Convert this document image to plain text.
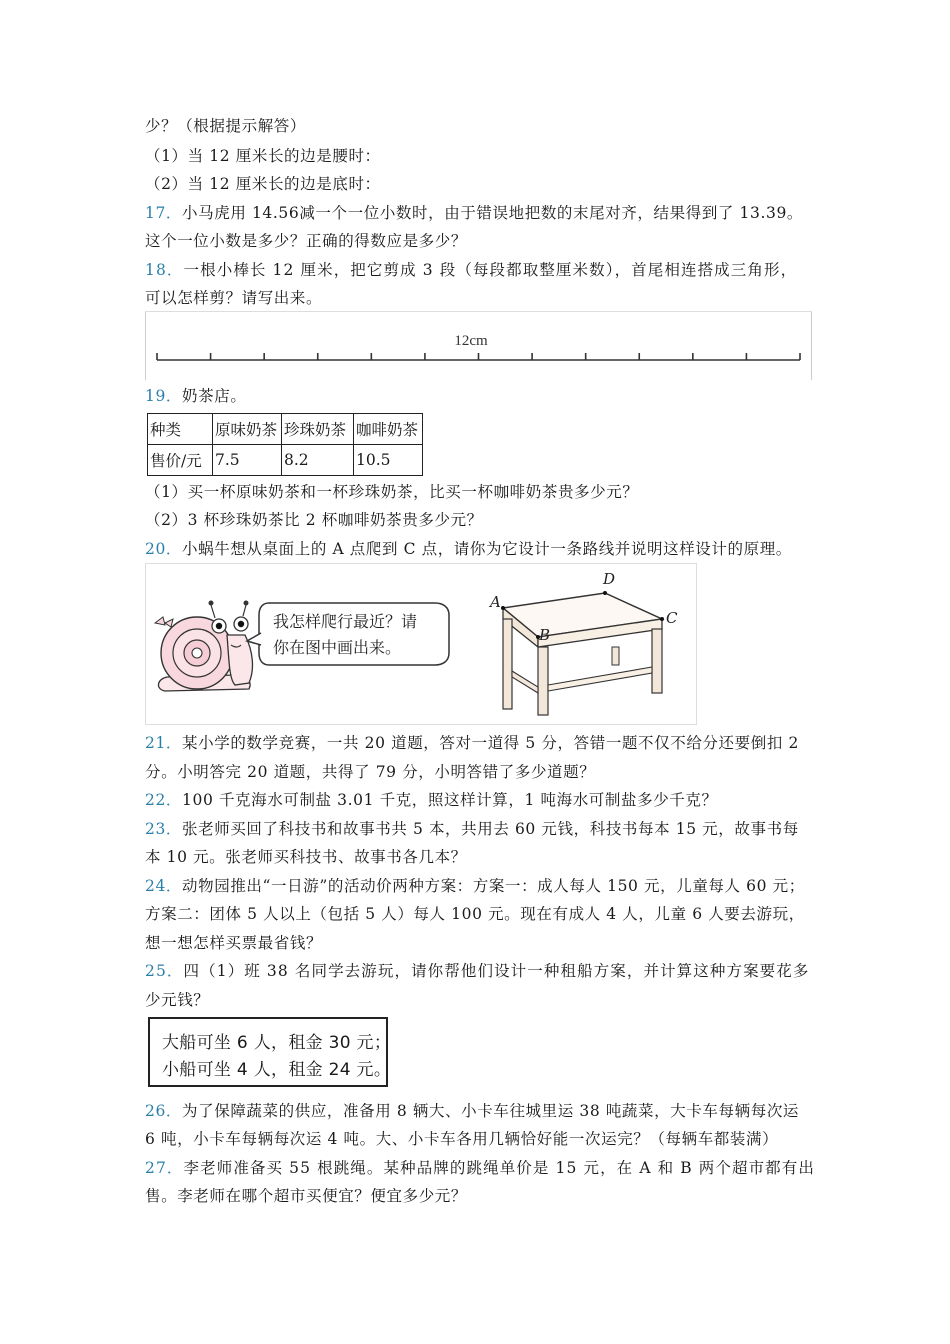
少？（根据提示解答）
（1）当 12 厘米长的边是腰时：
（2）当 12 厘米长的边是底时：
17．小马虎用 14.56减一个一位小数时，由于错误地把数的末尾对齐，结果得到了 13.39。
这个一位小数是多少？正确的得数应是多少？
18．一根小棒长 12 厘米，把它剪成 3 段（每段都取整厘米数），首尾相连搭成三角形，
可以怎样剪？请写出来。
12cm
19．奶茶店。
种类	原味奶茶	珍珠奶茶	咖啡奶茶
售价/元	7.5	8.2	10.5
（1）买一杯原味奶茶和一杯珍珠奶茶，比买一杯咖啡奶茶贵多少元？
（2）3 杯珍珠奶茶比 2 杯咖啡奶茶贵多少元？
20．小蜗牛想从桌面上的 A 点爬到 C 点，请你为它设计一条路线并说明这样设计的原理。
我怎样爬行最近？请
你在图中画出来。
A
B
C
D
21．某小学的数学竞赛，一共 20 道题，答对一道得 5 分，答错一题不仅不给分还要倒扣 2
分。小明答完 20 道题，共得了 79 分，小明答错了多少道题？
22．100 千克海水可制盐 3.01 千克，照这样计算，1 吨海水可制盐多少千克？
23．张老师买回了科技书和故事书共 5 本，共用去 60 元钱，科技书每本 15 元，故事书每
本 10 元。张老师买科技书、故事书各几本？
24．动物园推出“一日游”的活动价两种方案：方案一：成人每人 150 元，儿童每人 60 元；
方案二：团体 5 人以上（包括 5 人）每人 100 元。现在有成人 4 人，儿童 6 人要去游玩，
想一想怎样买票最省钱？
25．四（1）班 38 名同学去游玩，请你帮他们设计一种租船方案，并计算这种方案要花多
少元钱？
大船可坐 6 人，租金 30 元；
小船可坐 4 人，租金 24 元。
26．为了保障蔬菜的供应，准备用 8 辆大、小卡车往城里运 38 吨蔬菜，大卡车每辆每次运
6 吨，小卡车每辆每次运 4 吨。大、小卡车各用几辆恰好能一次运完？（每辆车都装满）
27．李老师准备买 55 根跳绳。某种品牌的跳绳单价是 15 元，在 A 和 B 两个超市都有出
售。李老师在哪个超市买便宜？便宜多少元？
